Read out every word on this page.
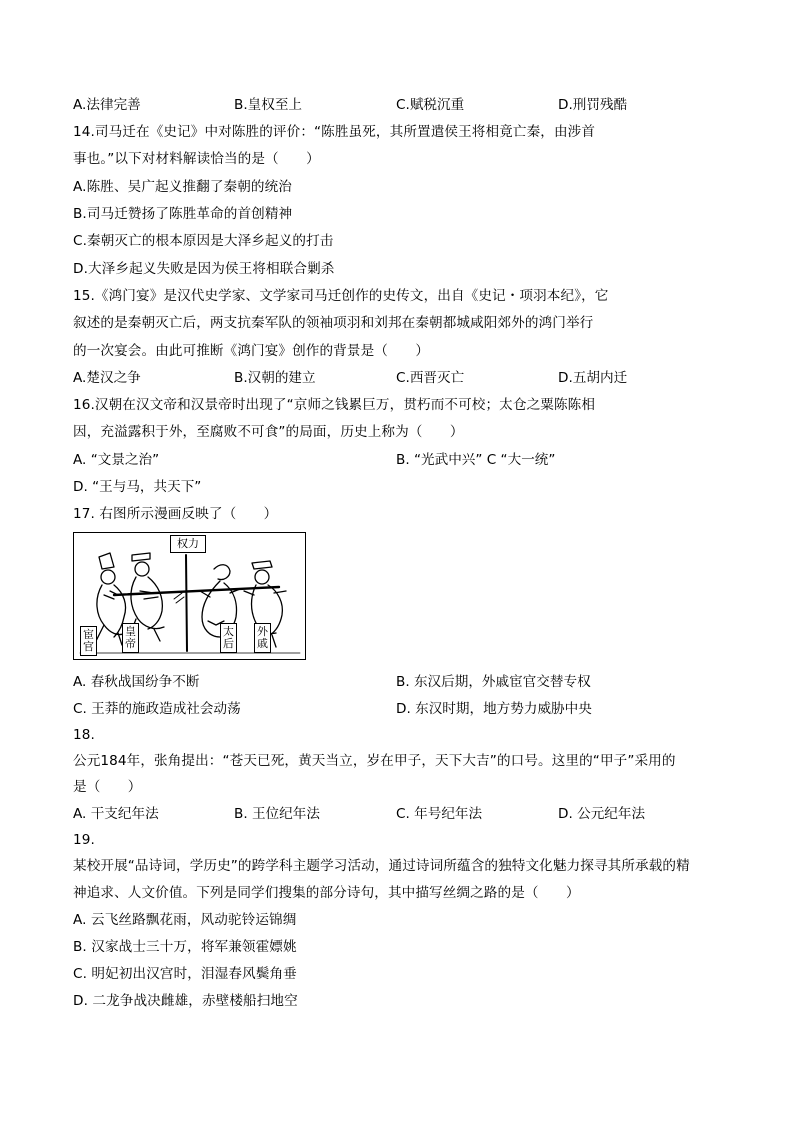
A.法律完善	B.皇权至上	C.赋税沉重	D.刑罚残酷
14.司马迁在《史记》中对陈胜的评价：“陈胜虽死，其所置遣侯王将相竟亡秦，由涉首
事也。”以下对材料解读恰当的是（　　）
A.陈胜、吴广起义推翻了秦朝的统治
B.司马迁赞扬了陈胜革命的首创精神
C.秦朝灭亡的根本原因是大泽乡起义的打击
D.大泽乡起义失败是因为侯王将相联合剿杀
15.《鸿门宴》是汉代史学家、文学家司马迁创作的史传文，出自《史记・项羽本纪》，它
叙述的是秦朝灭亡后，两支抗秦军队的领袖项羽和刘邦在秦朝都城咸阳郊外的鸿门举行
的一次宴会。由此可推断《鸿门宴》创作的背景是（　　）
A.楚汉之争	B.汉朝的建立	C.西晋灭亡	D.五胡内迁
16.汉朝在汉文帝和汉景帝时出现了“京师之钱累巨万，贯朽而不可校；太仓之粟陈陈相
因，充溢露积于外，至腐败不可食”的局面，历史上称为（　　）
A. “文景之治”	B. “光武中兴” C “大一统”
D. “王与马，共天下”
17. 右图所示漫画反映了（　　）
权力
宦官
皇帝
太后
外戚
A. 春秋战国纷争不断	B. 东汉后期，外戚宦官交替专权
C. 王莽的施政造成社会动荡	D. 东汉时期，地方势力威胁中央
18.
公元184年，张角提出：“苍天已死，黄天当立，岁在甲子，天下大吉”的口号。这里的“甲子”采用的
是（　　）
A. 干支纪年法	B. 王位纪年法	C. 年号纪年法	D. 公元纪年法
19.
某校开展“品诗词，学历史”的跨学科主题学习活动，通过诗词所蕴含的独特文化魅力探寻其所承载的精
神追求、人文价值。下列是同学们搜集的部分诗句，其中描写丝绸之路的是（　　）
A. 云飞丝路飘花雨，风动驼铃运锦绸
B. 汉家战士三十万，将军兼领霍嫖姚
C. 明妃初出汉宫时，泪湿春风鬓角垂
D. 二龙争战决雌雄，赤壁楼船扫地空
